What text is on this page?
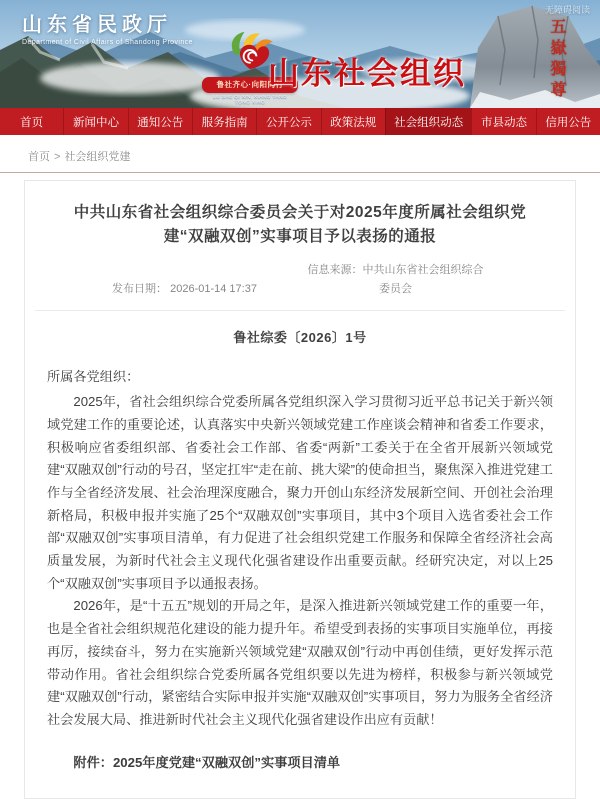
山东省民政厅
Department of Civil Affairs of Shandong Province
无障碍阅读
鲁社齐心·向阳同行
LU SHE QI XIN, XIANG YANG TONG XING
山东社会组织	五嶽獨尊
首页	新闻中心	通知公告	服务指南	公开公示	政策法规	社会组织动态	市县动态	信用公告
首页 > 社会组织党建
中共山东省社会组织综合委员会关于对2025年度所属社会组织党建“双融双创”实事项目予以表扬的通报
发布日期： 2026-01-14 17:37
信息来源：中共山东省社会组织综合委员会
鲁社综委〔2026〕1号

所属各党组织：

2025年，省社会组织综合党委所属各党组织深入学习贯彻习近平总书记关于新兴领域党建工作的重要论述，认真落实中央新兴领域党建工作座谈会精神和省委工作要求，积极响应省委组织部、省委社会工作部、省委“两新”工委关于在全省开展新兴领域党建“双融双创”行动的号召，坚定扛牢“走在前、挑大梁”的使命担当，聚焦深入推进党建工作与全省经济发展、社会治理深度融合，聚力开创山东经济发展新空间、开创社会治理新格局，积极申报并实施了25个“双融双创”实事项目，其中3个项目入选省委社会工作部“双融双创”实事项目清单，有力促进了社会组织党建工作服务和保障全省经济社会高质量发展，为新时代社会主义现代化强省建设作出重要贡献。经研究决定，对以上25个“双融双创”实事项目予以通报表扬。

2026年，是“十五五”规划的开局之年，是深入推进新兴领域党建工作的重要一年，也是全省社会组织规范化建设的能力提升年。希望受到表扬的实事项目实施单位，再接再厉，接续奋斗，努力在实施新兴领域党建“双融双创”行动中再创佳绩，更好发挥示范带动作用。省社会组织综合党委所属各党组织要以先进为榜样，积极参与新兴领域党建“双融双创”行动，紧密结合实际申报并实施“双融双创”实事项目，努力为服务全省经济社会发展大局、推进新时代社会主义现代化强省建设作出应有贡献！

附件：2025年度党建“双融双创”实事项目清单
